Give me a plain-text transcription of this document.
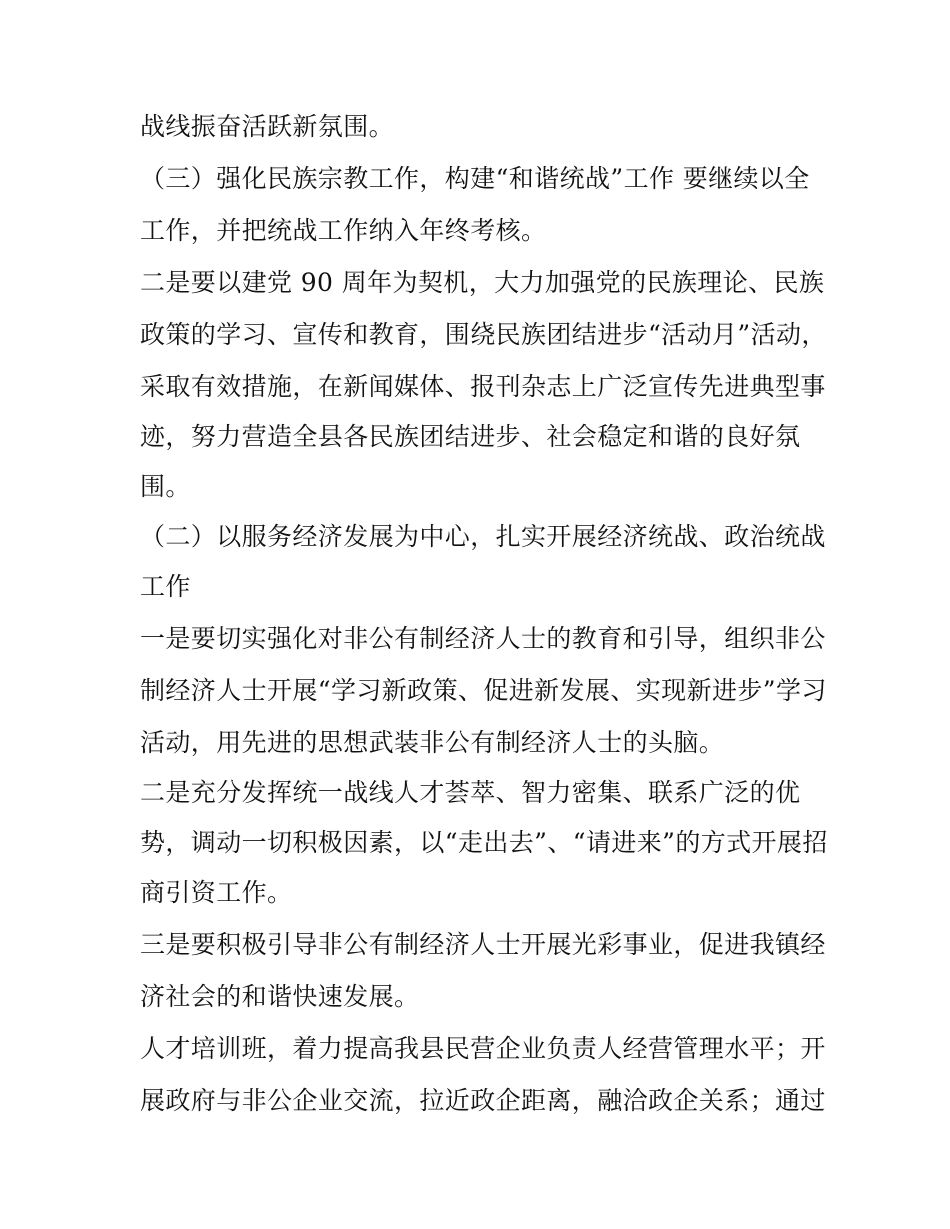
战线振奋活跃新氛围。
（三）强化民族宗教工作，构建“和谐统战”工作 要继续以全
工作，并把统战工作纳入年终考核。
二是要以建党 90 周年为契机，大力加强党的民族理论、民族
政策的学习、宣传和教育，围绕民族团结进步“活动月”活动，
采取有效措施，在新闻媒体、报刊杂志上广泛宣传先进典型事
迹，努力营造全县各民族团结进步、社会稳定和谐的良好氛
围。
（二）以服务经济发展为中心，扎实开展经济统战、政治统战
工作
一是要切实强化对非公有制经济人士的教育和引导，组织非公
制经济人士开展“学习新政策、促进新发展、实现新进步”学习
活动，用先进的思想武装非公有制经济人士的头脑。
二是充分发挥统一战线人才荟萃、智力密集、联系广泛的优
势，调动一切积极因素，以“走出去”、“请进来”的方式开展招
商引资工作。
三是要积极引导非公有制经济人士开展光彩事业，促进我镇经
济社会的和谐快速发展。
人才培训班，着力提高我县民营企业负责人经营管理水平；开
展政府与非公企业交流，拉近政企距离，融洽政企关系；通过
